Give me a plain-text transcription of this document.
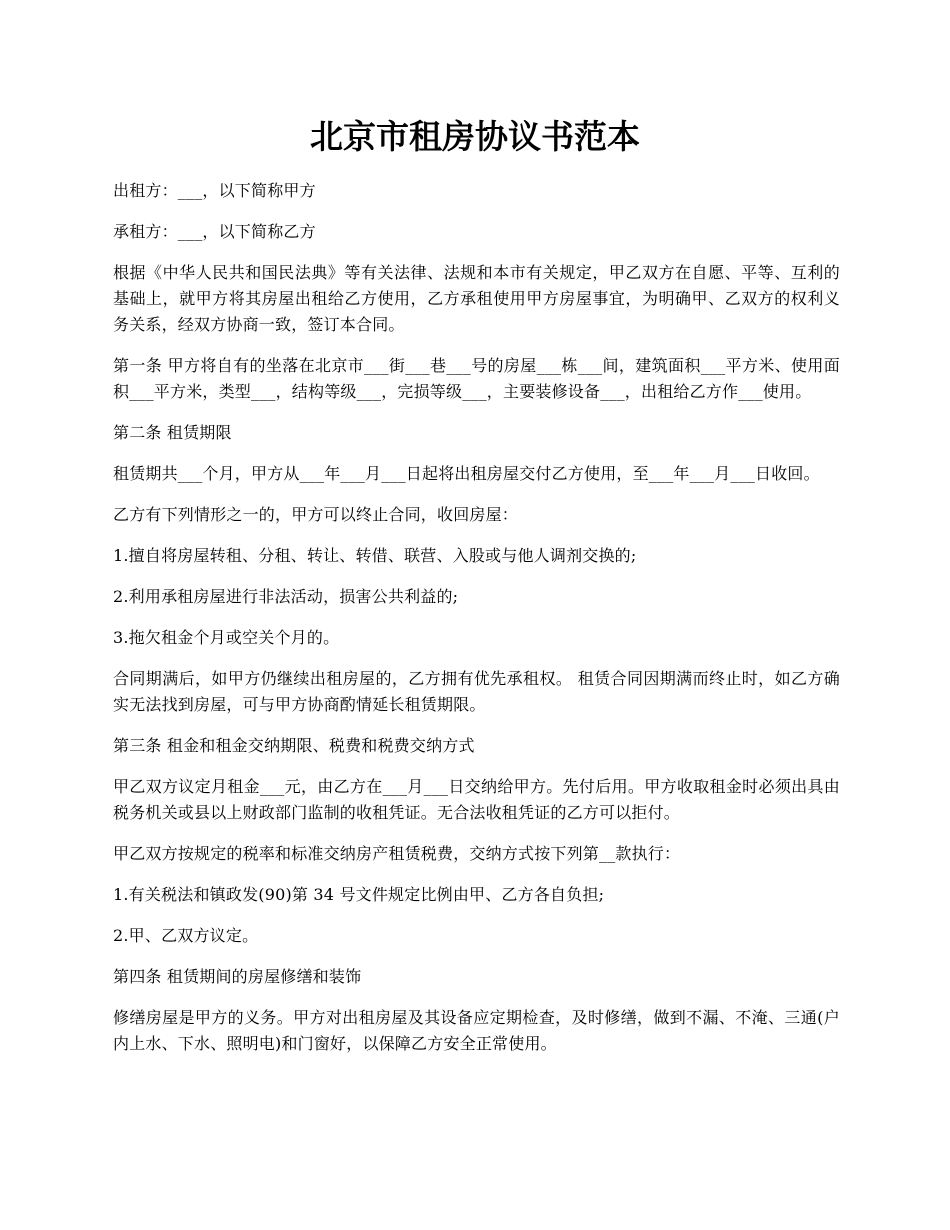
北京市租房协议书范本

出租方：___，以下简称甲方

承租方：___，以下简称乙方

根据《中华人民共和国民法典》等有关法律、法规和本市有关规定，甲乙双方在自愿、平等、互利的基础上，就甲方将其房屋出租给乙方使用，乙方承租使用甲方房屋事宜，为明确甲、乙双方的权利义务关系，经双方协商一致，签订本合同。

第一条 甲方将自有的坐落在北京市___街___巷___号的房屋___栋___间，建筑面积___平方米、使用面积___平方米，类型___，结构等级___，完损等级___，主要装修设备___，出租给乙方作___使用。

第二条 租赁期限

租赁期共___个月，甲方从___年___月___日起将出租房屋交付乙方使用，至___年___月___日收回。

乙方有下列情形之一的，甲方可以终止合同，收回房屋：

1.擅自将房屋转租、分租、转让、转借、联营、入股或与他人调剂交换的;

2.利用承租房屋进行非法活动，损害公共利益的;

3.拖欠租金个月或空关个月的。

合同期满后，如甲方仍继续出租房屋的，乙方拥有优先承租权。 租赁合同因期满而终止时，如乙方确实无法找到房屋，可与甲方协商酌情延长租赁期限。

第三条 租金和租金交纳期限、税费和税费交纳方式

甲乙双方议定月租金___元，由乙方在___月___日交纳给甲方。先付后用。甲方收取租金时必须出具由税务机关或县以上财政部门监制的收租凭证。无合法收租凭证的乙方可以拒付。

甲乙双方按规定的税率和标准交纳房产租赁税费，交纳方式按下列第__款执行：

1.有关税法和镇政发(90)第 34 号文件规定比例由甲、乙方各自负担;

2.甲、乙双方议定。

第四条 租赁期间的房屋修缮和装饰

修缮房屋是甲方的义务。甲方对出租房屋及其设备应定期检查，及时修缮，做到不漏、不淹、三通(户内上水、下水、照明电)和门窗好，以保障乙方安全正常使用。
